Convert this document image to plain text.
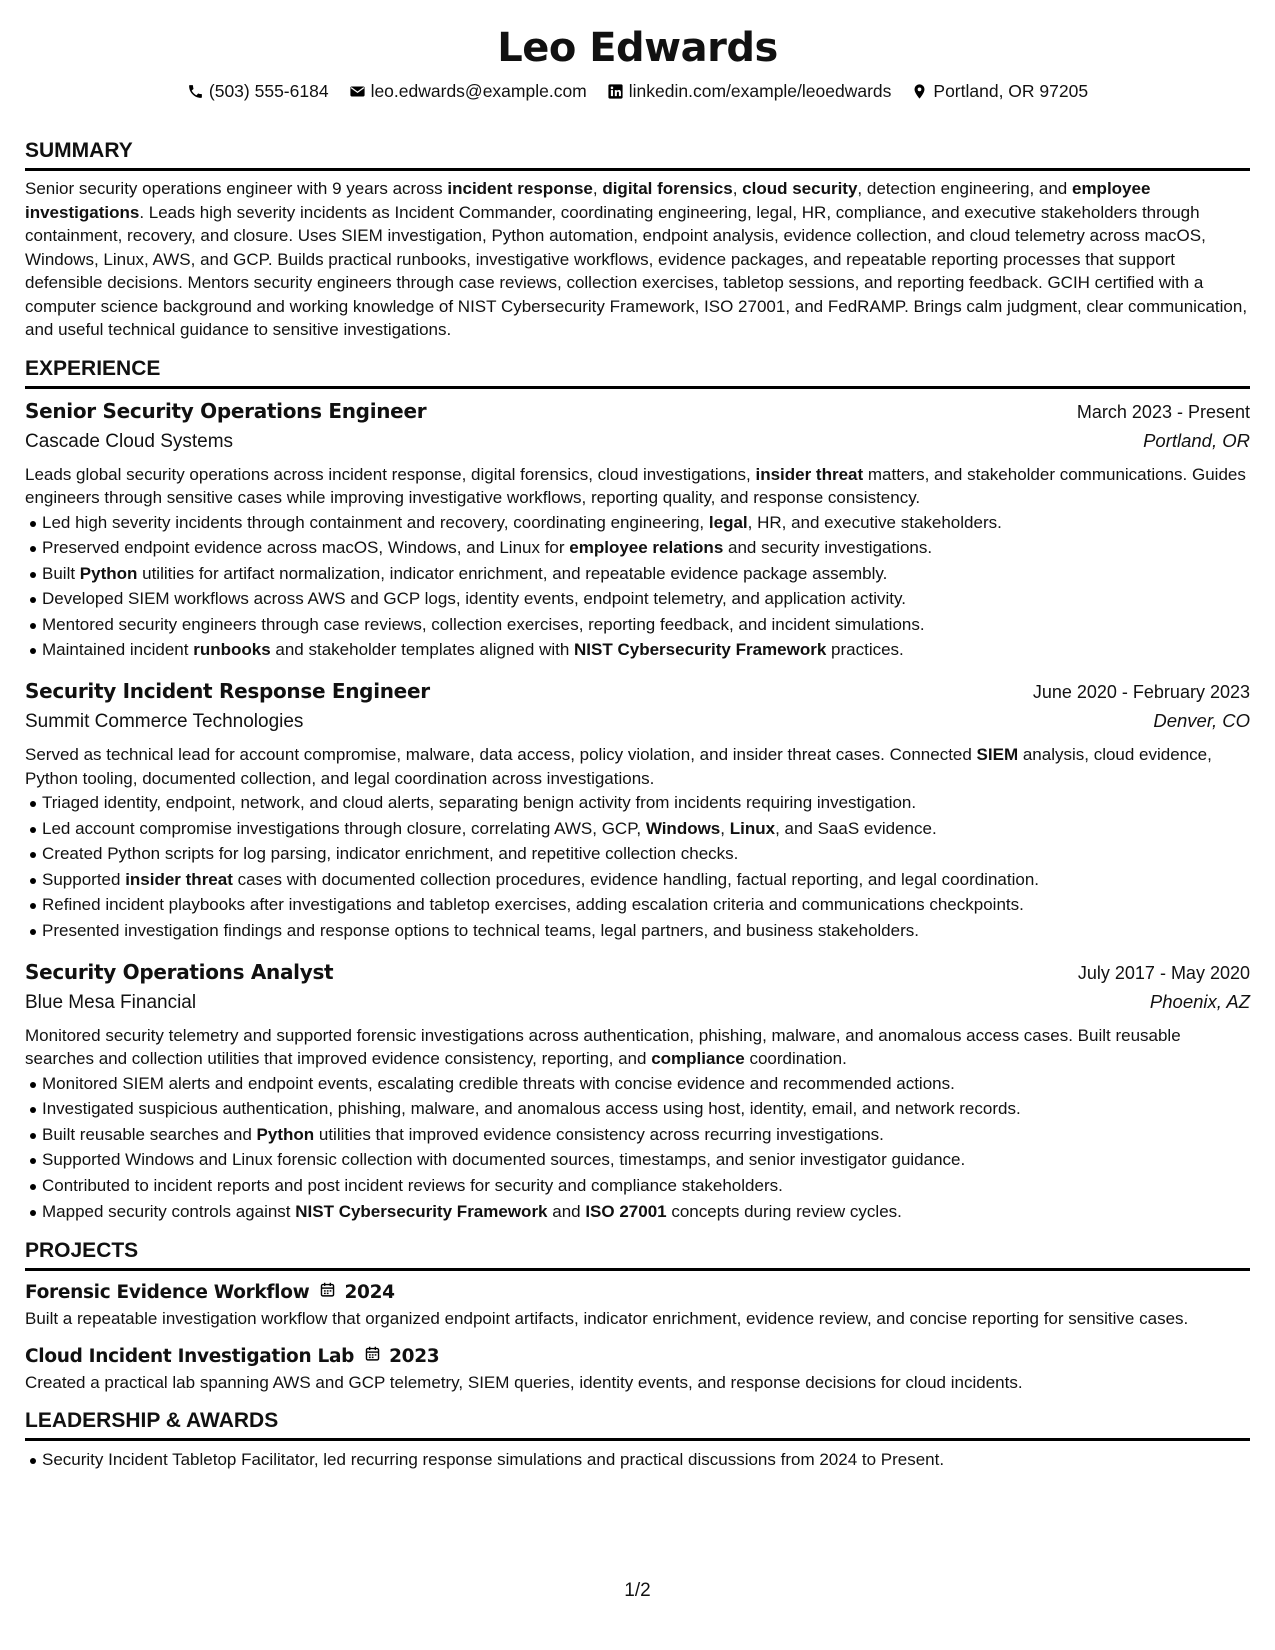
Leo Edwards
(503) 555-6184 leo.edwards@example.com linkedin.com/example/leoedwards Portland, OR 97205
SUMMARY

Senior security operations engineer with 9 years across incident response, digital forensics, cloud security, detection engineering, and employee investigations. Leads high severity incidents as Incident Commander, coordinating engineering, legal, HR, compliance, and executive stakeholders through containment, recovery, and closure. Uses SIEM investigation, Python automation, endpoint analysis, evidence collection, and cloud telemetry across macOS, Windows, Linux, AWS, and GCP. Builds practical runbooks, investigative workflows, evidence packages, and repeatable reporting processes that support defensible decisions. Mentors security engineers through case reviews, collection exercises, tabletop sessions, and reporting feedback. GCIH certified with a computer science background and working knowledge of NIST Cybersecurity Framework, ISO 27001, and FedRAMP. Brings calm judgment, clear communication, and useful technical guidance to sensitive investigations.

EXPERIENCE
Senior Security Operations Engineer	March 2023 - Present
Cascade Cloud Systems	Portland, OR

Leads global security operations across incident response, digital forensics, cloud investigations, insider threat matters, and stakeholder communications. Guides engineers through sensitive cases while improving investigative workflows, reporting quality, and response consistency.

Led high severity incidents through containment and recovery, coordinating engineering, legal, HR, and executive stakeholders.
Preserved endpoint evidence across macOS, Windows, and Linux for employee relations and security investigations.
Built Python utilities for artifact normalization, indicator enrichment, and repeatable evidence package assembly.
Developed SIEM workflows across AWS and GCP logs, identity events, endpoint telemetry, and application activity.
Mentored security engineers through case reviews, collection exercises, reporting feedback, and incident simulations.
Maintained incident runbooks and stakeholder templates aligned with NIST Cybersecurity Framework practices.
Security Incident Response Engineer	June 2020 - February 2023
Summit Commerce Technologies	Denver, CO

Served as technical lead for account compromise, malware, data access, policy violation, and insider threat cases. Connected SIEM analysis, cloud evidence, Python tooling, documented collection, and legal coordination across investigations.

Triaged identity, endpoint, network, and cloud alerts, separating benign activity from incidents requiring investigation.
Led account compromise investigations through closure, correlating AWS, GCP, Windows, Linux, and SaaS evidence.
Created Python scripts for log parsing, indicator enrichment, and repetitive collection checks.
Supported insider threat cases with documented collection procedures, evidence handling, factual reporting, and legal coordination.
Refined incident playbooks after investigations and tabletop exercises, adding escalation criteria and communications checkpoints.
Presented investigation findings and response options to technical teams, legal partners, and business stakeholders.
Security Operations Analyst	July 2017 - May 2020
Blue Mesa Financial	Phoenix, AZ

Monitored security telemetry and supported forensic investigations across authentication, phishing, malware, and anomalous access cases. Built reusable searches and collection utilities that improved evidence consistency, reporting, and compliance coordination.

Monitored SIEM alerts and endpoint events, escalating credible threats with concise evidence and recommended actions.
Investigated suspicious authentication, phishing, malware, and anomalous access using host, identity, email, and network records.
Built reusable searches and Python utilities that improved evidence consistency across recurring investigations.
Supported Windows and Linux forensic collection with documented sources, timestamps, and senior investigator guidance.
Contributed to incident reports and post incident reviews for security and compliance stakeholders.
Mapped security controls against NIST Cybersecurity Framework and ISO 27001 concepts during review cycles.
PROJECTS
Forensic Evidence Workflow 2024

Built a repeatable investigation workflow that organized endpoint artifacts, indicator enrichment, evidence review, and concise reporting for sensitive cases.

Cloud Incident Investigation Lab 2023

Created a practical lab spanning AWS and GCP telemetry, SIEM queries, identity events, and response decisions for cloud incidents.

LEADERSHIP & AWARDS
Security Incident Tabletop Facilitator, led recurring response simulations and practical discussions from 2024 to Present.
1/2
